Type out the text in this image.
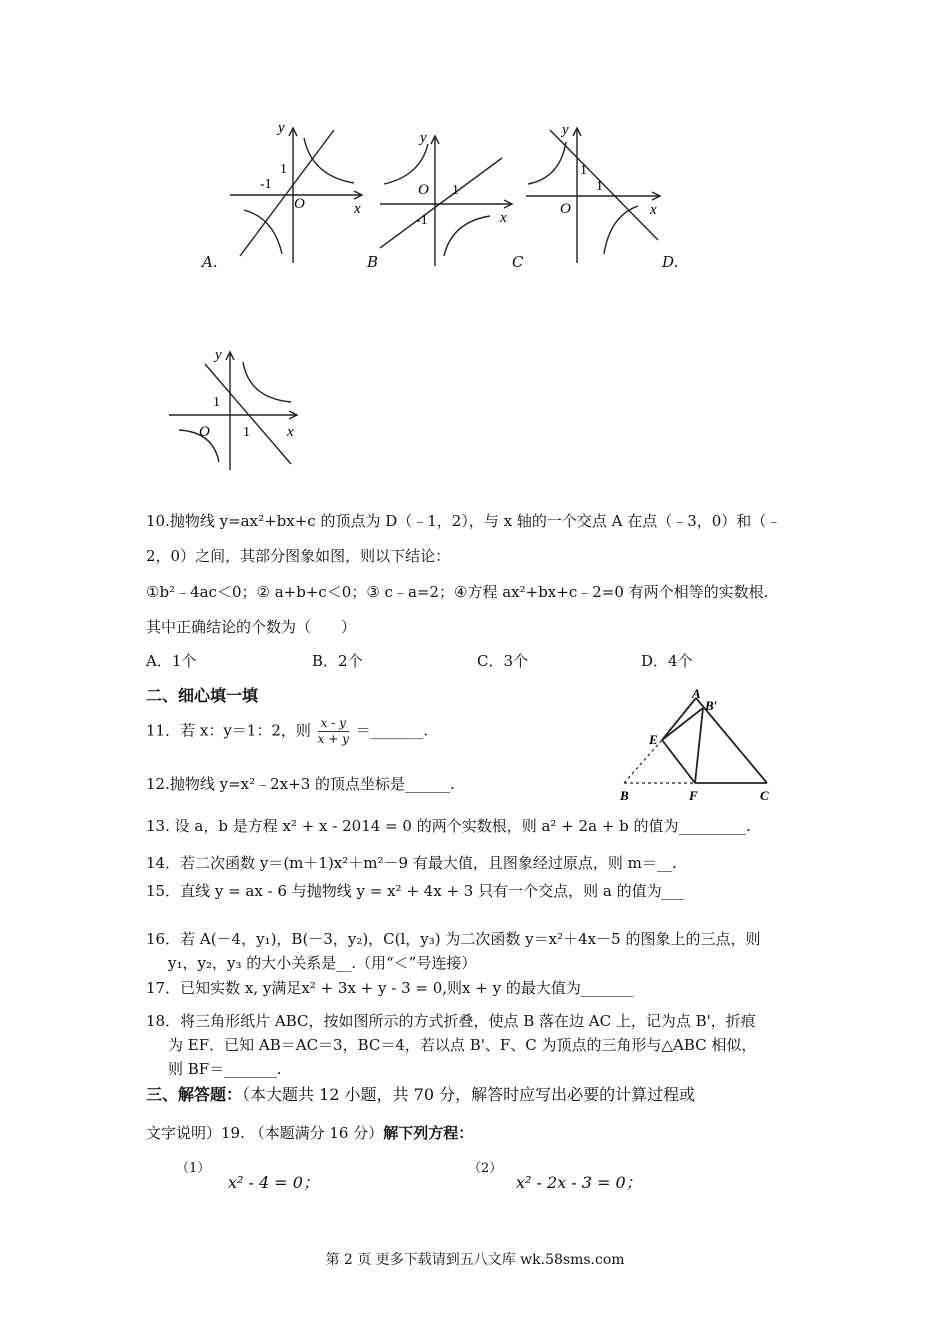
y
x
O
1
-1
y
x
O 1
-1
y
x
O
1
1
y
x
O
1
1
A.	B	C	D.
10.抛物线 y=ax²+bx+c 的顶点为 D（﹣1，2），与 x 轴的一个交点 A 在点（﹣3，0）和（﹣
2，0）之间，其部分图象如图，则以下结论：
①b²﹣4ac＜0；② a+b+c＜0；③ c﹣a=2；④方程 ax²+bx+c﹣2=0 有两个相等的实数根.
其中正确结论的个数为（　　）
A．1个	B．2个	C．3个	D．4个
二、细心填一填
11．若 x：y＝1：2，则 $\frac{x - y}{x + y}$ ＝_______.
12.抛物线 y=x²﹣2x+3 的顶点坐标是______.
A
B′
E
B	F	C
13. 设 a，b 是方程 x² + x - 2014 = 0 的两个实数根，则 a² + 2a + b 的值为_________.
14．若二次函数 y＝(m＋1)x²＋m²－9 有最大值，且图象经过原点，则 m＝__.
15．直线 y = ax - 6 与抛物线 y = x² + 4x + 3 只有一个交点，则 a 的值为___
16．若 A(－4，y₁)，B(－3，y₂)，C(l，y₃) 为二次函数 y＝x²＋4x－5 的图象上的三点，则
y₁，y₂，y₃ 的大小关系是__.（用“＜”号连接）
17．已知实数 x, y满足x² + 3x + y - 3 = 0,则x + y 的最大值为_______
18．将三角形纸片 ABC，按如图所示的方式折叠，使点 B 落在边 AC 上，记为点 B'，折痕
为 EF．已知 AB＝AC＝3，BC＝4，若以点 B'、F、C 为顶点的三角形与△ABC 相似，
则 BF＝_______.
三、解答题：（本大题共 12 小题，共 70 分，解答时应写出必要的计算过程或
文字说明）19. （本题满分 16 分）解下列方程：
（1）
x² - 4 = 0；
（2）
x² - 2x - 3 = 0；
第 2 页 更多下载请到五八文库 wk.58sms.com
